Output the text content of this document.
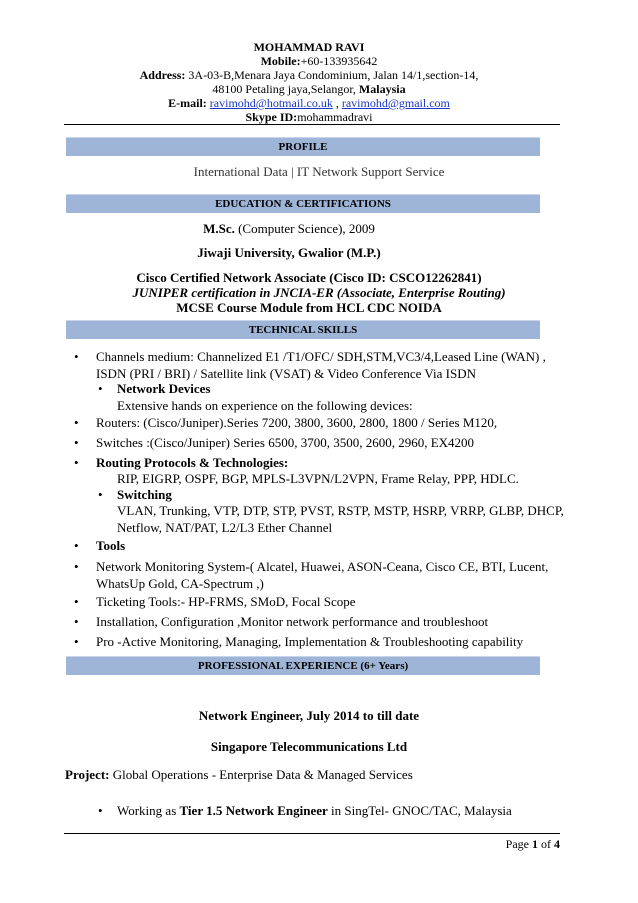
MOHAMMAD RAVI
Mobile:+60-133935642
Address: 3A-03-B,Menara Jaya Condominium, Jalan 14/1,section-14,
48100 Petaling jaya,Selangor, Malaysia
E-mail: ravimohd@hotmail.co.uk , ravimohd@gmail.com
Skype ID:mohammadravi
PROFILE
International Data | IT Network Support Service
EDUCATION & CERTIFICATIONS
M.Sc. (Computer Science), 2009
Jiwaji University, Gwalior (M.P.)
Cisco Certified Network Associate (Cisco ID: CSCO12262841)
JUNIPER certification in JNCIA-ER (Associate, Enterprise Routing)
MCSE Course Module from HCL CDC NOIDA
TECHNICAL SKILLS
• Channels medium: Channelized E1 /T1/OFC/ SDH,STM,VC3/4,Leased Line (WAN) ,
ISDN (PRI / BRI) / Satellite link (VSAT) & Video Conference Via ISDN
• Network Devices
Extensive hands on experience on the following devices:
• Routers: (Cisco/Juniper).Series 7200, 3800, 3600, 2800, 1800 / Series M120,
• Switches :(Cisco/Juniper) Series 6500, 3700, 3500, 2600, 2960, EX4200
• Routing Protocols & Technologies:
RIP, EIGRP, OSPF, BGP, MPLS-L3VPN/L2VPN, Frame Relay, PPP, HDLC.
• Switching
VLAN, Trunking, VTP, DTP, STP, PVST, RSTP, MSTP, HSRP, VRRP, GLBP, DHCP,
Netflow, NAT/PAT, L2/L3 Ether Channel
• Tools
• Network Monitoring System-( Alcatel, Huawei, ASON-Ceana, Cisco CE, BTI, Lucent,
WhatsUp Gold, CA-Spectrum ,)
• Ticketing Tools:- HP-FRMS, SMoD, Focal Scope
• Installation, Configuration ,Monitor network performance and troubleshoot
• Pro -Active Monitoring, Managing, Implementation & Troubleshooting capability
PROFESSIONAL EXPERIENCE (6+ Years)
Network Engineer, July 2014 to till date
Singapore Telecommunications Ltd
Project: Global Operations - Enterprise Data & Managed Services
• Working as Tier 1.5 Network Engineer in SingTel- GNOC/TAC, Malaysia
Page 1 of 4
